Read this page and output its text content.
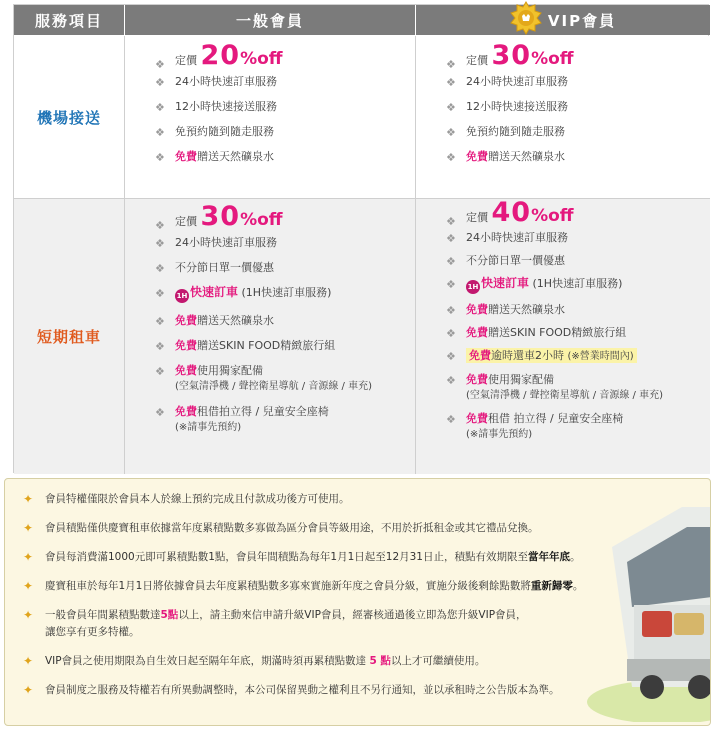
服務項目	一般會員	VIP會員
機場接送
短期租車
❖ 定價 20%off
❖ 24小時快速訂車服務
❖ 12小時快速接送服務
❖ 免預約隨到隨走服務
❖ 免費贈送天然礦泉水
❖ 定價 30%off
❖ 24小時快速訂車服務
❖ 12小時快速接送服務
❖ 免預約隨到隨走服務
❖ 免費贈送天然礦泉水
❖ 定價 30%off
❖ 24小時快速訂車服務
❖ 不分節日單一價優惠
❖ 1H 快速訂車 (1H快速訂車服務)
❖ 免費贈送天然礦泉水
❖ 免費贈送SKIN FOOD精緻旅行組
❖ 免費使用獨家配備
(空氣清淨機 / 聲控衛星導航 / 音源線 / 車充)
❖ 免費租借拍立得 / 兒童安全座椅
(※請事先預約)
❖ 定價 40%off
❖ 24小時快速訂車服務
❖ 不分節日單一價優惠
❖ 1H 快速訂車 (1H快速訂車服務)
❖ 免費贈送天然礦泉水
❖ 免費贈送SKIN FOOD精緻旅行組
❖ 免費逾時還車2小時 (※營業時間內)
❖ 免費使用獨家配備
(空氣清淨機 / 聲控衛星導航 / 音源線 / 車充)
❖ 免費租借 拍立得 / 兒童安全座椅
(※請事先預約)
✦ 會員特權僅限於會員本人於線上預約完成且付款成功後方可使用。
✦ 會員積點僅供慶寶租車依據當年度累積點數多寡做為區分會員等級用途，不用於折抵租金或其它禮品兌換。
✦ 會員每消費滿1000元即可累積點數1點，會員年間積點為每年1月1日起至12月31日止，積點有效期限至當年年底。
✦ 慶寶租車於每年1月1日將依據會員去年度累積點數多寡來實施新年度之會員分級，實施分級後剩餘點數將重新歸零。
✦ 一般會員年間累積點數達5點以上，請主動來信申請升級VIP會員，經審核通過後立即為您升級VIP會員，
讓您享有更多特權。
✦ VIP會員之使用期限為自生效日起至隔年年底，期滿時須再累積點數達 5 點以上才可繼續使用。
✦ 會員制度之服務及特權若有所異動調整時，本公司保留異動之權利且不另行通知，並以承租時之公告版本為準。
